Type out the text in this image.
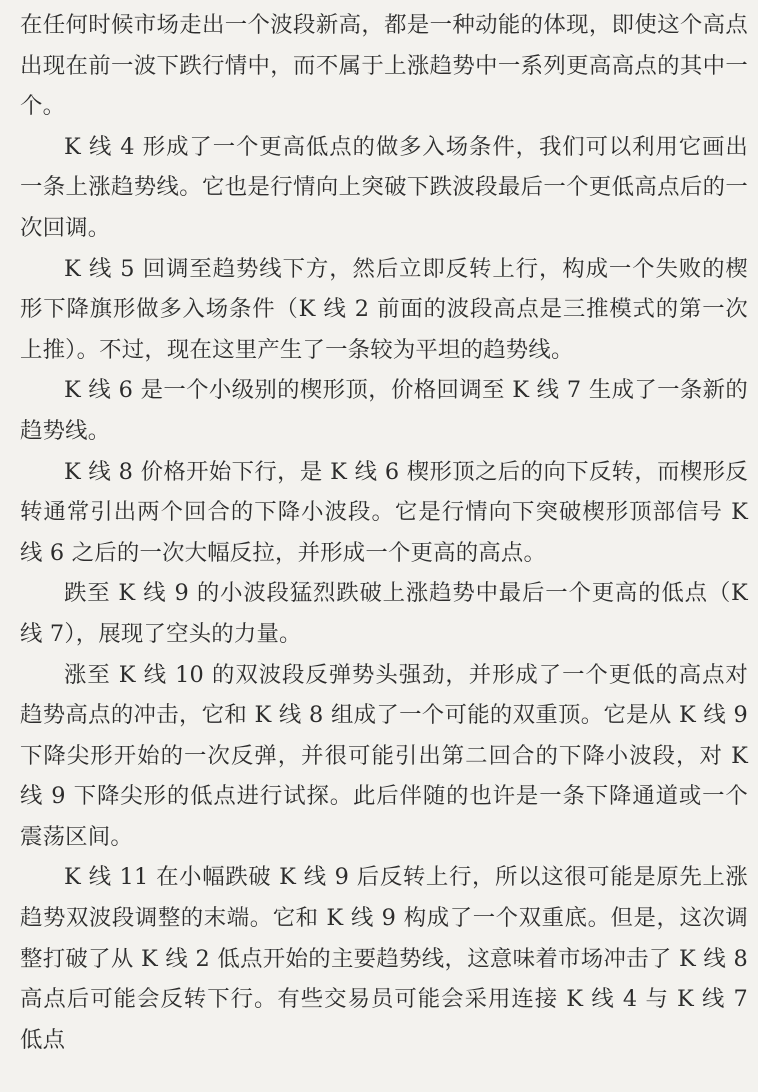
在任何时候市场走出一个波段新高，都是一种动能的体现，即使这个高点出现在前一波下跌行情中，而不属于上涨趋势中一系列更高高点的其中一个。

K 线 4 形成了一个更高低点的做多入场条件，我们可以利用它画出一条上涨趋势线。它也是行情向上突破下跌波段最后一个更低高点后的一次回调。

K 线 5 回调至趋势线下方，然后立即反转上行，构成一个失败的楔形下降旗形做多入场条件（K 线 2 前面的波段高点是三推模式的第一次上推）。不过，现在这里产生了一条较为平坦的趋势线。

K 线 6 是一个小级别的楔形顶，价格回调至 K 线 7 生成了一条新的趋势线。

K 线 8 价格开始下行，是 K 线 6 楔形顶之后的向下反转，而楔形反转通常引出两个回合的下降小波段。它是行情向下突破楔形顶部信号 K 线 6 之后的一次大幅反拉，并形成一个更高的高点。

跌至 K 线 9 的小波段猛烈跌破上涨趋势中最后一个更高的低点（K 线 7），展现了空头的力量。

涨至 K 线 10 的双波段反弹势头强劲，并形成了一个更低的高点对趋势高点的冲击，它和 K 线 8 组成了一个可能的双重顶。它是从 K 线 9 下降尖形开始的一次反弹，并很可能引出第二回合的下降小波段，对 K 线 9 下降尖形的低点进行试探。此后伴随的也许是一条下降通道或一个震荡区间。

K 线 11 在小幅跌破 K 线 9 后反转上行，所以这很可能是原先上涨趋势双波段调整的末端。它和 K 线 9 构成了一个双重底。但是，这次调整打破了从 K 线 2 低点开始的主要趋势线，这意味着市场冲击了 K 线 8 高点后可能会反转下行。有些交易员可能会采用连接 K 线 4 与 K 线 7 低点
